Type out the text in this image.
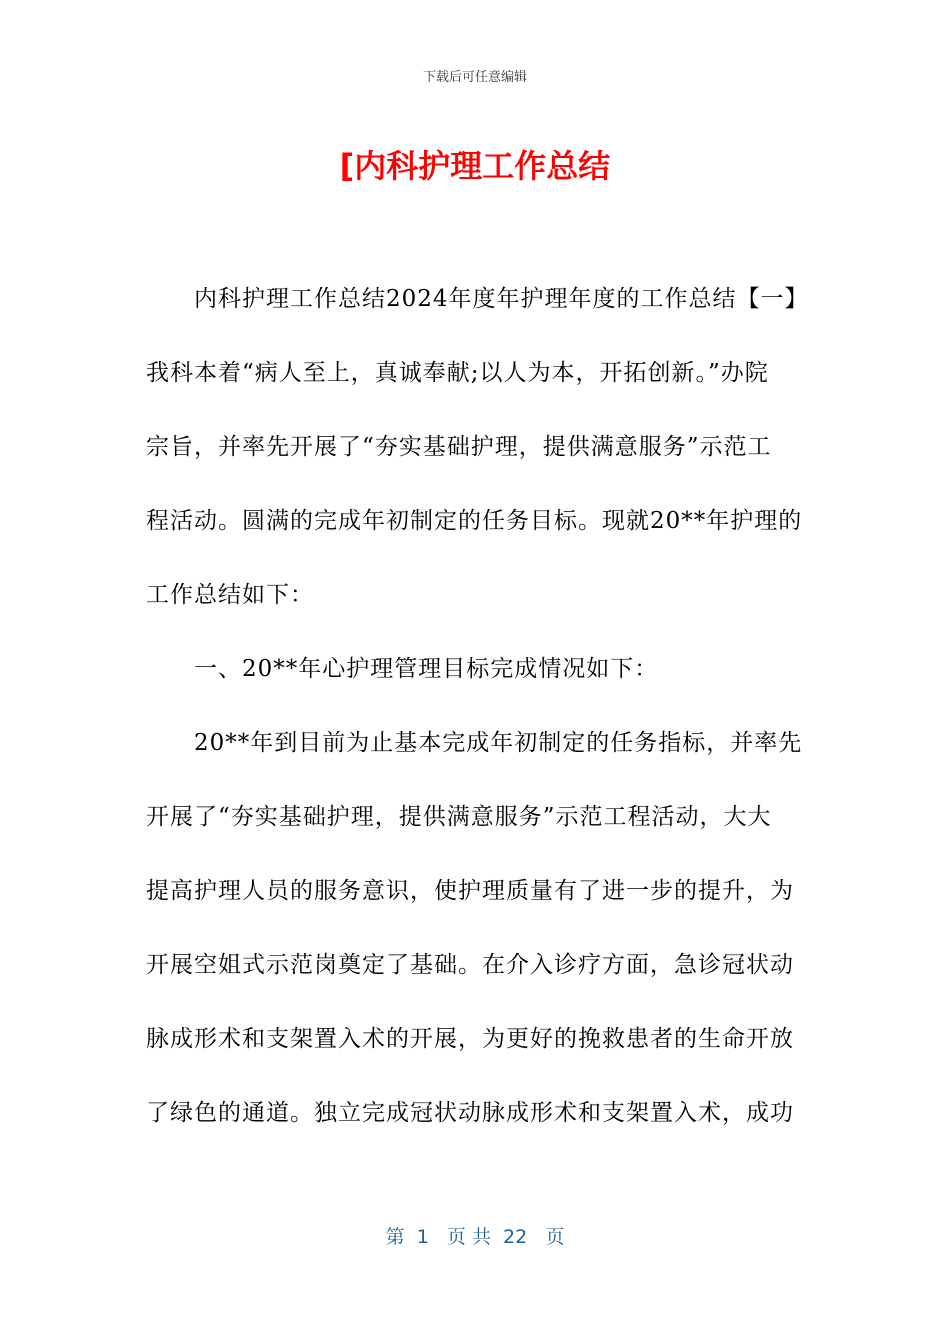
下载后可任意编辑
[内科护理工作总结
内科护理工作总结2024年度年护理年度的工作总结【一】
我科本着“病人至上，真诚奉献;以人为本，开拓创新。”办院
宗旨，并率先开展了“夯实基础护理，提供满意服务”示范工
程活动。圆满的完成年初制定的任务目标。现就20**年护理的
工作总结如下：
一、20**年心护理管理目标完成情况如下：
20**年到目前为止基本完成年初制定的任务指标，并率先
开展了“夯实基础护理，提供满意服务”示范工程活动，大大
提高护理人员的服务意识，使护理质量有了进一步的提升，为
开展空姐式示范岗奠定了基础。在介入诊疗方面，急诊冠状动
脉成形术和支架置入术的开展，为更好的挽救患者的生命开放
了绿色的通道。独立完成冠状动脉成形术和支架置入术，成功
第  1   页 共  22   页
